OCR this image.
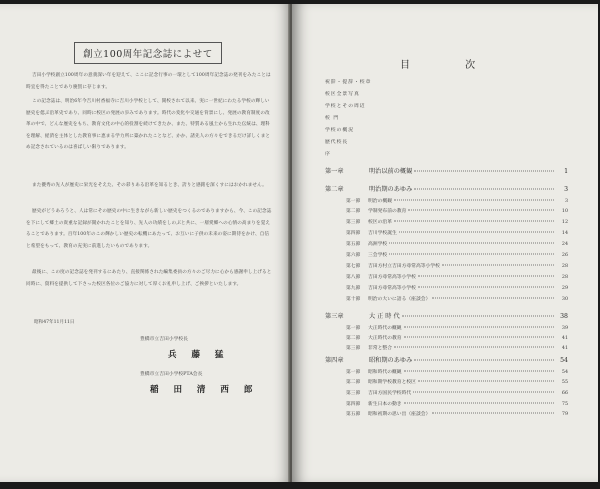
創立100周年記念誌によせて
吉田小学校創立100周年の意義深い年を迎えて、ここに記念行事の一環として100周年記念誌の発刊をみたことは時宜を得たことであり慶賀に存じます。
この記念誌は、明治6年今吉川村香福寺に吉川小学校として、開校されて以来、実に一世紀にわたる学校の輝しい歴史を偲ぶ沿革史であり、同時に校区の発展の歩みであります。時代の変化や交通を背景にし、発展の教育制度の改革の中で、どんな歴史をもち、教育文化の中心的役割を続けてきたか、また、特質ある風土から生れた伝統は、理科を理解、経済を主体とした教育事に恵まる学力所に築かれたことなど、かか、諸先人の方々をできるだけ詳しくまとめ記念されているのは喜ばしい限りであります。
また優秀の先人が歴史に栄光をそえた、その彩りある沿革を知るとき、誇りと感銘を深くすにはおかれません。
歴史がどうあろうと、人は常にその歴史の中に生きながら新しい歴史をつくるのでありますから、今、この記念誌を下にして郷土の貴重な記録が開かれたことを知り、先人の功績をしのぶと共に、一層愛郷への心情の高まりを覚えることであります。百年100年のこの輝かしい歴史の転機にあたって、お互いに子供の未来の姿に期待をかけ、自信と希望をもって、教育の充実に前進したいものであります。
最後に、この度の記念誌を発刊するにあたり、直接関係された編集委員の方々のご尽力に心から感謝申し上げると同時に、資料を提供して下さった校区各位のご協力に対して厚くお礼申し上げ、ご挨拶といたします。
昭和47年11月11日
豊橋市立吉田小学校長
兵 藤 猛
豊橋市立吉田小学校PTA会長
稲 田 清 西 郎
目 次
祝辞・提辞・校章
校区全景写真
学校とその周辺
校 門
学校の概況
歴代校長
序
第一章	明治以前の概観	1
第二章	明治期のあゆみ	3
第一節	明治の概観	3
第二節	学制発布前の教育	10
第三節	校区の沿革	12
第四節	吉川学校誕生	14
第五節	高洲学校	24
第六節	三会学校	26
第七節	吉田方村立吉田方尋常高等小学校	28
第八節	吉田方尋常高等小学校	28
第九節	吉田方尋常高等小学校	29
第十節	明治の大いに語る（座談会）	30
第三章	大 正 時 代	38
第一節	大正時代の概観	39
第二節	大正時代の教育	41
第三節	非常と整合	41
第四章	昭和期のあゆみ	54
第一節	昭和時代の概観	54
第二節	昭和期学校教育と校区	55
第三節	吉田方国民学校時代	66
第四節	新生日本の動き	75
第五節	昭和初期の思い出（座談会）	79
